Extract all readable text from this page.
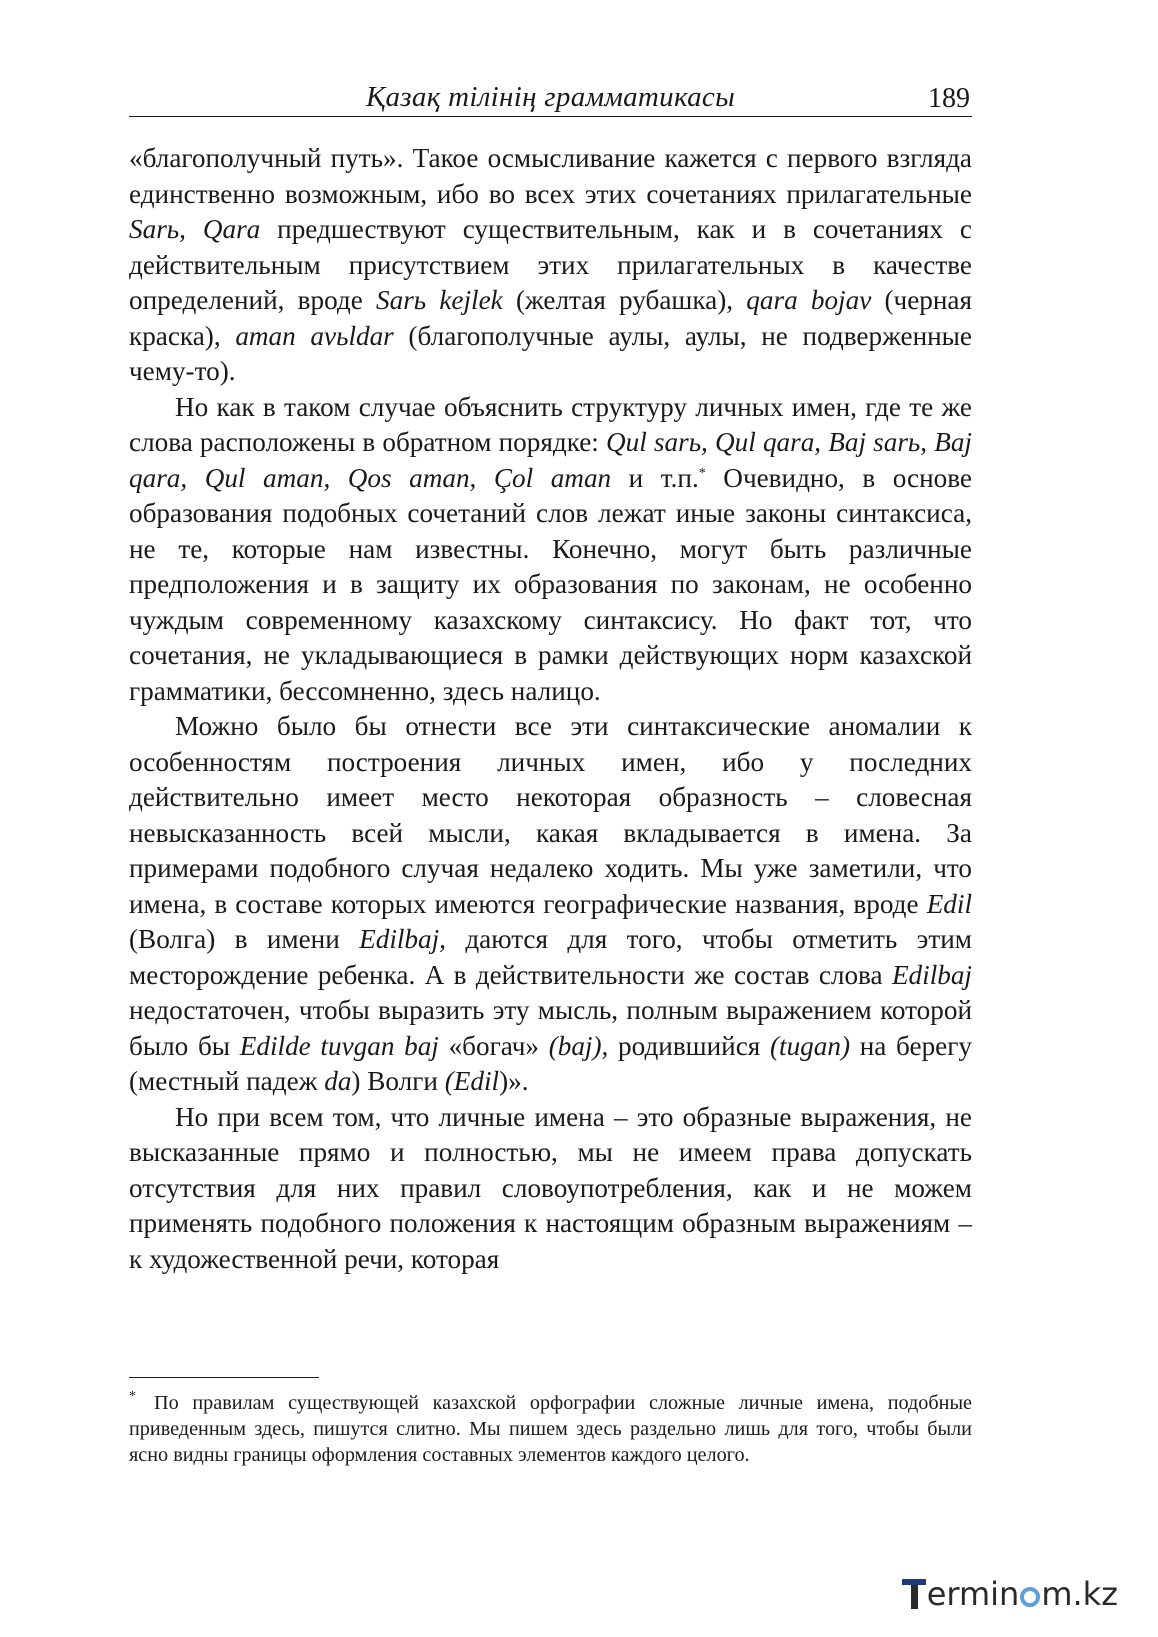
Қазақ тілінің грамматикасы	189

«благополучный путь». Такое осмысливание кажется с первого взгляда единственно возможным, ибо во всех этих сочетаниях прилагательные Sarь, Qara предшествуют существительным, как и в сочетаниях с действительным присутствием этих прилагательных в качестве определений, вроде Sarь kejlek (желтая рубашка), qara bojav (черная краска), aman avьldar (благополучные аулы, аулы, не подверженные чему-то).

Но как в таком случае объяснить структуру личных имен, где те же слова расположены в обратном порядке: Qul sarь, Qul qara, Baj sarь, Baj qara, Qul aman, Qos aman, Çol aman и т.п.* Очевидно, в основе образования подобных сочетаний слов лежат иные законы синтаксиса, не те, которые нам известны. Конечно, могут быть различные предположения и в защиту их образования по законам, не особенно чуждым современному казахскому синтаксису. Но факт тот, что сочетания, не укладывающиеся в рамки действующих норм казахской грамматики, бессомненно, здесь налицо.

Можно было бы отнести все эти синтаксические аномалии к особенностям построения личных имен, ибо у последних действительно имеет место некоторая образность – словесная невысказанность всей мысли, какая вкладывается в имена. За примерами подобного случая недалеко ходить. Мы уже заметили, что имена, в составе которых имеются географические названия, вроде Edil (Волга) в имени Edilbaj, даются для того, чтобы отметить этим месторождение ребенка. А в действительности же состав слова Edilbaj недостаточен, чтобы выразить эту мысль, полным выражением которой было бы Edilde tuvgan baj «богач» (baj), родившийся (tugan) на берегу (местный падеж da) Волги (Edil)».

Но при всем том, что личные имена – это образные выражения, не высказанные прямо и полностью, мы не имеем права допускать отсутствия для них правил словоупотребления, как и не можем применять подобного положения к настоящим образным выражениям – к художественной речи, которая

* По правилам существующей казахской орфографии сложные личные имена, подобные приведенным здесь, пишутся слитно. Мы пишем здесь раздельно лишь для того, чтобы были ясно видны границы оформления составных элементов каждого целого.

ermin m.kz
